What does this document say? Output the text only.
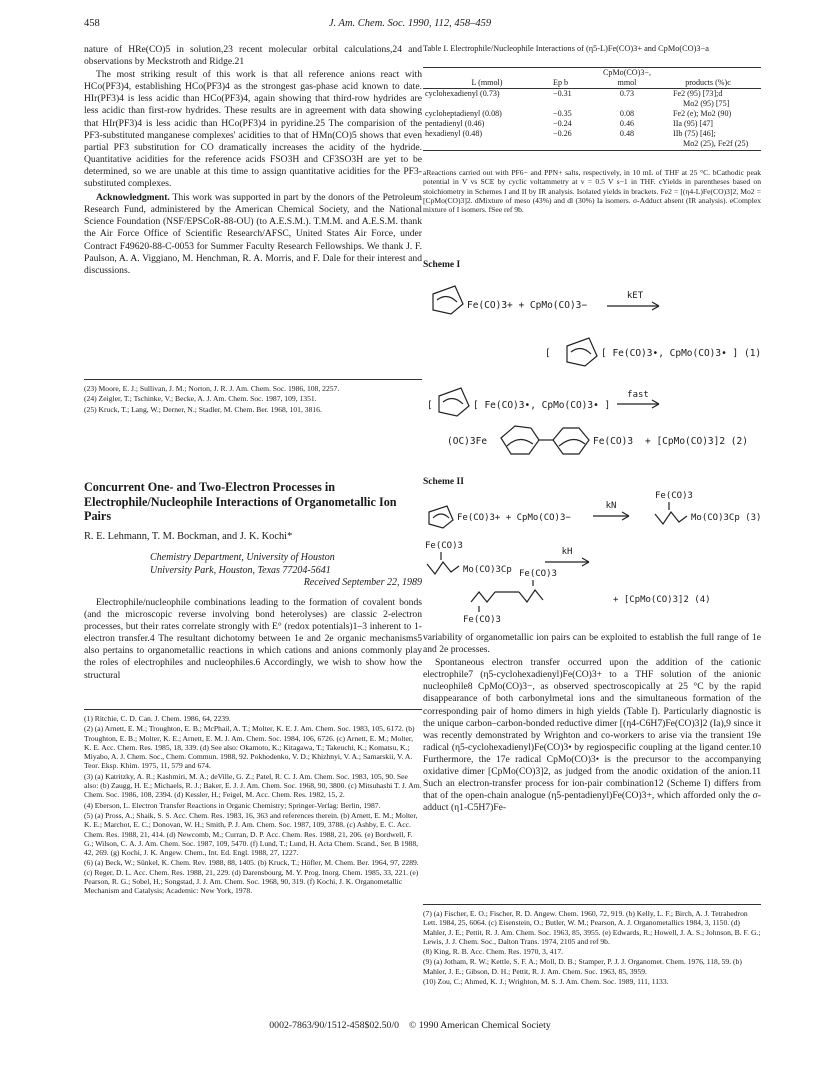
458	J. Am. Chem. Soc. 1990, 112, 458–459

nature of HRe(CO)5 in solution,23 recent molecular orbital calculations,24 and observations by Meckstroth and Ridge.21

The most striking result of this work is that all reference anions react with HCo(PF3)4, establishing HCo(PF3)4 as the strongest gas-phase acid known to date. HIr(PF3)4 is less acidic than HCo(PF3)4, again showing that third-row hydrides are less acidic than first-row hydrides. These results are in agreement with data showing that HIr(PF3)4 is less acidic than HCo(PF3)4 in pyridine.25 The comparision of the PF3-substituted manganese complexes' acidities to that of HMn(CO)5 shows that even partial PF3 substitution for CO dramatically increases the acidity of the hydride. Quantitative acidities for the reference acids FSO3H and CF3SO3H are yet to be determined, so we are unable at this time to assign quantitative acidities for the PF3-substituted complexes.

Acknowledgment. This work was supported in part by the donors of the Petroleum Research Fund, administered by the American Chemical Society, and the National Science Foundation (NSF/EPSCoR-88-OU) (to A.E.S.M.). T.M.M. and A.E.S.M. thank the Air Force Office of Scientific Research/AFSC, United States Air Force, under Contract F49620-88-C-0053 for Summer Faculty Research Fellowships. We thank J. F. Paulson, A. A. Viggiano, M. Henchman, R. A. Morris, and F. Dale for their interest and discussions.

(23) Moore, E. J.; Sullivan, J. M.; Norton, J. R. J. Am. Chem. Soc. 1986, 108, 2257.
(24) Zeigler, T.; Tschinke, V.; Becke, A. J. Am. Chem. Soc. 1987, 109, 1351.
(25) Kruck, T.; Lang, W.; Derner, N.; Stadler, M. Chem. Ber. 1968, 101, 3816.
Concurrent One- and Two-Electron Processes in Electrophile/Nucleophile Interactions of Organometallic Ion Pairs
R. E. Lehmann, T. M. Bockman, and J. K. Kochi*
Chemistry Department, University of Houston
University Park, Houston, Texas 77204-5641
Received September 22, 1989

Electrophile/nucleophile combinations leading to the formation of covalent bonds (and the microscopic reverse involving bond heterolyses) are classic 2-electron processes, but their rates correlate strongly with E° (redox potentials)1–3 inherent to 1-electron transfer.4 The resultant dichotomy between 1e and 2e organic mechanisms5 also pertains to organometallic reactions in which cations and anions commonly play the roles of electrophiles and nucleophiles.6 Accordingly, we wish to show how the structural

(1) Ritchie, C. D. Can. J. Chem. 1986, 64, 2239.
(2) (a) Arnett, E. M.; Troughton, E. B.; McPhail, A. T.; Molter, K. E. J. Am. Chem. Soc. 1983, 105, 6172. (b) Troughton, E. B.; Molter, K. E.; Arnett, E. M. J. Am. Chem. Soc. 1984, 106, 6726. (c) Arnett, E. M.; Molter, K. E. Acc. Chem. Res. 1985, 18, 339. (d) See also: Okamoto, K.; Kitagawa, T.; Takeuchi, K.; Komatsu, K.; Miyabo, A. J. Chem. Soc., Chem. Commun. 1988, 92. Pokhodenko, V. D.; Khizhnyi, V. A.; Samarskii, V. A. Teor. Eksp. Khim. 1975, 11, 579 and 674.
(3) (a) Katritzky, A. R.; Kashmiri, M. A.; deVille, G. Z.; Patel, R. C. J. Am. Chem. Soc. 1983, 105, 90. See also: (b) Zaugg, H. E.; Michaels, R. J.; Baker, E. J. J. Am. Chem. Soc. 1968, 90, 3800. (c) Mitsuhashi T. J. Am. Chem. Soc. 1986, 108, 2394. (d) Kessler, H.; Feigel, M. Acc. Chem. Res. 1982, 15, 2.
(4) Eberson, L. Electron Transfer Reactions in Organic Chemistry; Springer-Verlag: Berlin, 1987.
(5) (a) Pross, A.; Shaik, S. S. Acc. Chem. Res. 1983, 16, 363 and references therein. (b) Arnett, E. M.; Molter, K. E.; Marchot, E. C.; Donovan, W. H.; Smith, P. J. Am. Chem. Soc. 1987, 109, 3788. (c) Ashby, E. C. Acc. Chem. Res. 1988, 21, 414. (d) Newcomb, M.; Curran, D. P. Acc. Chem. Res. 1988, 21, 206. (e) Bordwell, F. G.; Wilson, C. A. J. Am. Chem. Soc. 1987, 109, 5470. (f) Lund, T.; Lund, H. Acta Chem. Scand., Ser. B 1988, 42, 269. (g) Kochi, J. K. Angew. Chem., Int. Ed. Engl. 1988, 27, 1227.
(6) (a) Beck, W.; Sünkel, K. Chem. Rev. 1988, 88, 1405. (b) Kruck, T.; Höfler, M. Chem. Ber. 1964, 97, 2289. (c) Reger, D. L. Acc. Chem. Res. 1988, 21, 229. (d) Darensbourg, M. Y. Prog. Inorg. Chem. 1985, 33, 221. (e) Pearson, R. G.; Sobel, H.; Songstad, J. J. Am. Chem. Soc. 1968, 90, 319. (f) Kochi, J. K. Organometallic Mechanism and Catalysis; Academic: New York, 1978.
Table I. Electrophile/Nucleophile Interactions of (η5-L)Fe(CO)3+ and CpMo(CO)3−a
L (mmol)	Ep b	CpMo(CO)3−, mmol	products (%)c
cyclohexadienyl (0.73)	−0.31	0.73	Fe2 (95) [73];d
			Mo2 (95) [75]
cycloheptadienyl (0.08)	−0.35	0.08	Fe2 (e); Mo2 (90)
pentadienyl (0.46)	−0.24	0.46	IIa (95) [47]
hexadienyl (0.48)	−0.26	0.48	IIb (75) [46];
			Mo2 (25), Fe2f (25)
aReactions carried out with PF6− and PPN+ salts, respectively, in 10 mL of THF at 25 °C. bCathodic peak potential in V vs SCE by cyclic voltammetry at v = 0.5 V s−1 in THF. cYields in parentheses based on stoichiometry in Schemes I and II by IR analysis. Isolated yields in brackets. Fe2 = [(η4-L)Fe(CO)3]2, Mo2 = [CpMo(CO)3]2. dMixture of meso (43%) and dl (30%) Ia isomers. σ-Adduct absent (IR analysis). eComplex mixture of I isomers. fSee ref 9b.
Scheme I
Fe(CO)3+ + CpMo(CO)3−
kET
[	[ Fe(CO)3•, CpMo(CO)3• ] (1)
[	[ Fe(CO)3•, CpMo(CO)3• ]
fast
(OC)3Fe	Fe(CO)3 + [CpMo(CO)3]2 (2)
Scheme II
Fe(CO)3+ + CpMo(CO)3−
kN
Fe(CO)3
Mo(CO)3Cp (3)
Fe(CO)3
Mo(CO)3Cp
kH
Fe(CO)3
Fe(CO)3
+ [CpMo(CO)3]2 (4)

variability of organometallic ion pairs can be exploited to establish the full range of 1e and 2e processes.

Spontaneous electron transfer occurred upon the addition of the cationic electrophile7 (η5-cyclohexadienyl)Fe(CO)3+ to a THF solution of the anionic nucleophile8 CpMo(CO)3−, as observed spectroscopically at 25 °C by the rapid disappearance of both carbonylmetal ions and the simultaneous formation of the corresponding pair of homo dimers in high yields (Table I). Particularly diagnostic is the unique carbon–carbon-bonded reductive dimer [(η4-C6H7)Fe(CO)3]2 (Ia),9 since it was recently demonstrated by Wrighton and co-workers to arise via the transient 19e radical (η5-cyclohexadienyl)Fe(CO)3• by regiospecific coupling at the ligand center.10 Furthermore, the 17e radical CpMo(CO)3• is the precursor to the accompanying oxidative dimer [CpMo(CO)3]2, as judged from the anodic oxidation of the anion.11 Such an electron-transfer process for ion-pair combination12 (Scheme I) differs from that of the open-chain analogue (η5-pentadienyl)Fe(CO)3+, which afforded only the σ-adduct (η1-C5H7)Fe-

(7) (a) Fischer, E. O.; Fischer, R. D. Angew. Chem. 1960, 72, 919. (b) Kelly, L. F.; Birch, A. J. Tetrahedron Lett. 1984, 25, 6064. (c) Eisenstein, O.; Butler, W. M.; Pearson, A. J. Organometallics 1984, 3, 1150. (d) Mahler, J. E.; Pettit, R. J. Am. Chem. Soc. 1963, 85, 3955. (e) Edwards, R.; Howell, J. A. S.; Johnson, B. F. G.; Lewis, J. J. Chem. Soc., Dalton Trans. 1974, 2105 and ref 9b.
(8) King, R. B. Acc. Chem. Res. 1970, 3, 417.
(9) (a) Jotham, R. W.; Kettle, S. F. A.; Moll, D. B.; Stamper, P. J. J. Organomet. Chem. 1976, 118, 59. (b) Mahler, J. E.; Gibson, D. H.; Pettit, R. J. Am. Chem. Soc. 1963, 85, 3959.
(10) Zou, C.; Ahmed, K. J.; Wrighton, M. S. J. Am. Chem. Soc. 1989, 111, 1133.
0002-7863/90/1512-458$02.50/0 © 1990 American Chemical Society
